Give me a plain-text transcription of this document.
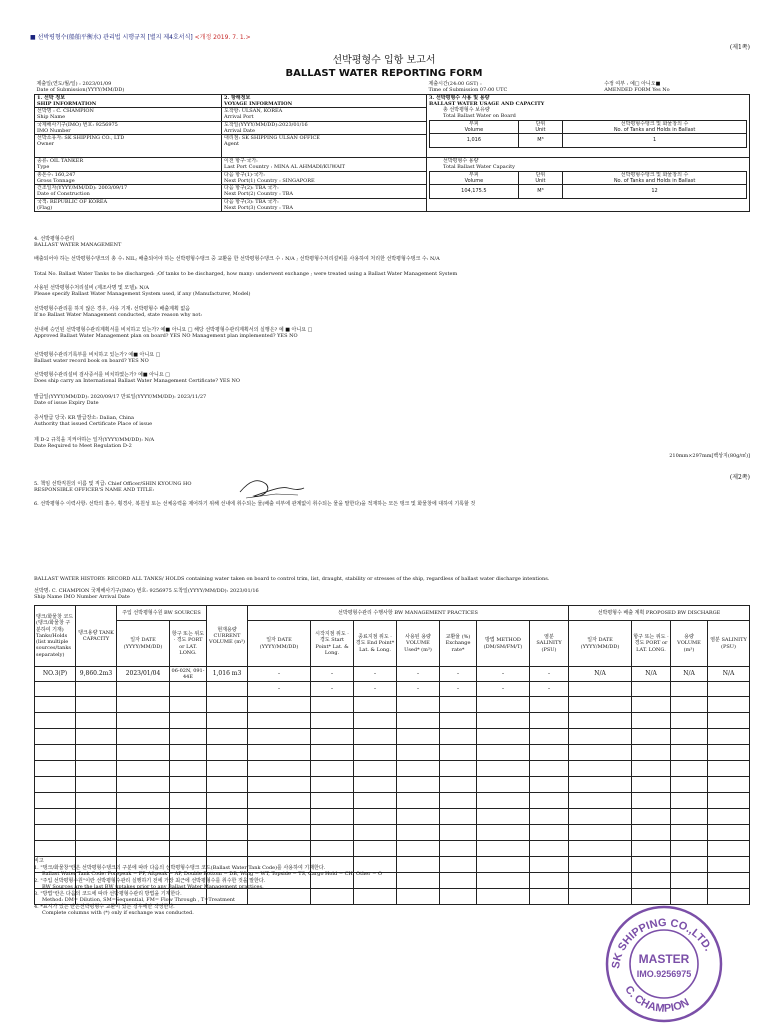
■ 선박평형수(船舶平衡水) 관리법 시행규칙 [별지 제4호서식] <개정 2019. 7. 1.>
(제1쪽)
선박평형수 입항 보고서
BALLAST WATER REPORTING FORM
제출일(연도/월/일) : 2023/01/09
Date of Submission(YYYY/MM/DD)

제출시간(24:00 GST) :
Time of Submission 07:00 UTC

수정 여부 : 예□ 아니오■
AMENDED FORM Yes No

1. 선박 정보
SHIP INFORMATION
	2. 항해정보
VOYAGE INFORMATION
	3. 선박평형수 사용 및 용량
BALLAST WATER USAGE AND CAPACITY
총 선박평형수 보유량
Total Ballast Water on Board
부피
Volume

단위
Unit

선박평형수탱크 및 화물창의 수
No. of Tanks and Holds in Ballast

1,016	M³	1

선박명 : C. CHAMPION
Ship Name

도착항: ULSAN, KOREA
Arrival Port

국제해사기구(IMO) 번호: 9256975
IMO Number

도착일(YYYY/MM/DD):2023/01/16
Arrival Date

선박소유자: SK SHIPPING CO., LTD
Owner

대리점: SK SHIPPING ULSAN OFFICE
Agent

종류: OIL TANKER
Type

이전 항구·국가:
Last Port Country : MINA AL AHMADI/KUWAIT

선박평형수 용량
Total Ballast Water Capacity
부피
Volume

단위
Unit

선박평형수탱크 및 화물창의 수
No. of Tanks and Holds in Ballast

104,175.5	M³	12

총톤수: 160,247
Gross Tonnage

다음 항구(1)·국가:
Next Port(1) Country : SINGAPORE

건조일자(YYYY/MM/DD): 2003/09/17
Date of Construction

다음 항구(2): TBA 국가:
Next Port(2) Country : TBA

국적: REPUBLIC OF KOREA
(Flag)

다음 항구(3): TBA 국가:
Next Port(3) Country : TBA
4. 선박평형수관리
BALLAST WATER MANAGEMENT
배출되어야 하는 선박평형수탱크의 총 수: NIL; 배출되어야 하는 선박평형수탱크 중 교환을 한 선박평형수탱크 수 : N/A ; 선박평형수처리설비를 사용하여 처리한 선박평형수탱크 수: N/A
Total No. Ballast Water Tanks to be discharged: ;Of tanks to be discharged, how many: underwent exchange ; were treated using a Ballast Water Management System
사용된 선박평형수처리설비 (제조사명 및 모델): N/A
Please specify Ballast Water Management System used, if any (Manufacturer, Model)
선박평형수관리를 하지 않은 경우, 사유 기재: 선박평형수 배출계획 없음
If no Ballast Water Management conducted, state reason why not:
선내에 승인된 선박평형수관리계획서를 비치하고 있는가? 예■ 아니요 □ 해당 선박평형수관리계획서의 실행은? 예 ■ 아니요 □
Approved Ballast Water Management plan on board? YES NO Management plan implemented? YES NO
선박평형수관리기록부를 비치하고 있는가? 예■ 아니요 □
Ballast water record book on board? YES NO
선박평형수관리설비 검사증서를 비치하였는가? 예■ 아니요 □
Does ship carry an International Ballast Water Management Certificate? YES NO
발급일(YYYY/MM/DD): 2020/09/17 만료일(YYYY/MM/DD): 2023/11/27
Date of issue Expiry Date
증서발급 당국: KR 발급장소: Dalian, China
Authority that issued Certificate Place of issue
제 D-2 규칙을 지켜야하는 일자(YYYY/MM/DD): N/A
Date Required to Meet Regulation D-2
210mm×297mm[백상지(80g/㎡)]
(제2쪽)
5. 책임 선박직원의 이름 및 직급: Chief Officer/SHIN KYOUNG HO
RESPONSIBLE OFFICER'S NAME AND TITLE:
6. 선박평형수 이력사항: 선박의 흘수, 횡경사, 복원성 또는 선체응력을 제어하기 위해 선내에 취수되는 물(배출 여부에 관계없이 취수되는 물을 말한다)을 적재하는 모든 탱크 및 화물창에 대하여 기록할 것
BALLAST WATER HISTORY: RECORD ALL TANKS/ HOLDS containing water taken on board to control trim, list, draught, stability or stresses of the ship, regardless of ballast water discharge intentions.
선박명: C. CHAMPION 국제해사기구(IMO) 번호: 9256975 도착일(YYYY/MM/DD): 2023/01/16
Ship Name IMO Number Arrival Date
탱크/화물창 코드(탱크/화물창 구분하여 기재) Tanks/Holds (list multiple sources/tanks separately)	탱크용량 TANK CAPACITY	주입 선박평형수원 BW SOURCES		현재용량 CURRENT VOLUME (m³)	선박평형수관리 수행사항 BW MANAGEMENT PRACTICES							선박평형수 배출 계획 PROPOSED BW DISCHARGE			
		일자 DATE (YYYY/MM/DD)	항구 또는 위도 · 경도 PORT or LAT. LONG.		일자 DATE (YYYY/MM/DD)	시작지점 위도 · 경도 Start Point* Lat. & Long.	종료지점 위도 · 경도 End Point* Lat. & Long.	사용된 용량 VOLUME Used* (m³)	교환율 (%) Exchange rate*	방법 METHOD (DM/SM/FM/T)	염분 SALINITY (PSU)	일자 DATE (YYYY/MM/DD)	항구 또는 위도 · 경도 PORT or LAT. LONG.	용량 VOLUME (m³)	염분 SALINITY (PSU)
NO.3(P)	9,860.2m3	2023/01/04	06-02N, 091-44E	1,016 m3	-	-	-	-	-	-	-	N/A	N/A	N/A	N/A
					-	-	-	-	-	-	-				

비고
1. "탱크/화물창"란은 선박평형수탱크의 구분에 따라 다음의 선박평형수탱크 코드(Ballast Water Tank Code)를 사용하여 기재한다.
Ballast Water Tank Code: Forepeak = FP, Aftpeak = AP, Double Bottom = DB, Wing = WT, Topside = TS, Cargo Hold = CH, Other = O
2. "주입 선박평형수원"이란 선박평형수관리 실행하기 전에 가장 최근에 선박평형수를 취수한 것을 말한다.
BW Sources are the last BW uptakes prior to any Ballast Water Management practices.
3. "방법"란은 다음의 코드에 따라 선박평형수관리 방법을 기재한다.
Method: DM= Dilution, SM=Sequential, FM= Flow Through , T=Treatment
4. *표시가 있는 란은선박평형수 교환이 있는 경우에만 작성한다.
Complete columns with (*) only if exchange was conducted.
SK SHIPPING CO.,LTD.
C. CHAMPION
MASTER
IMO.9256975
